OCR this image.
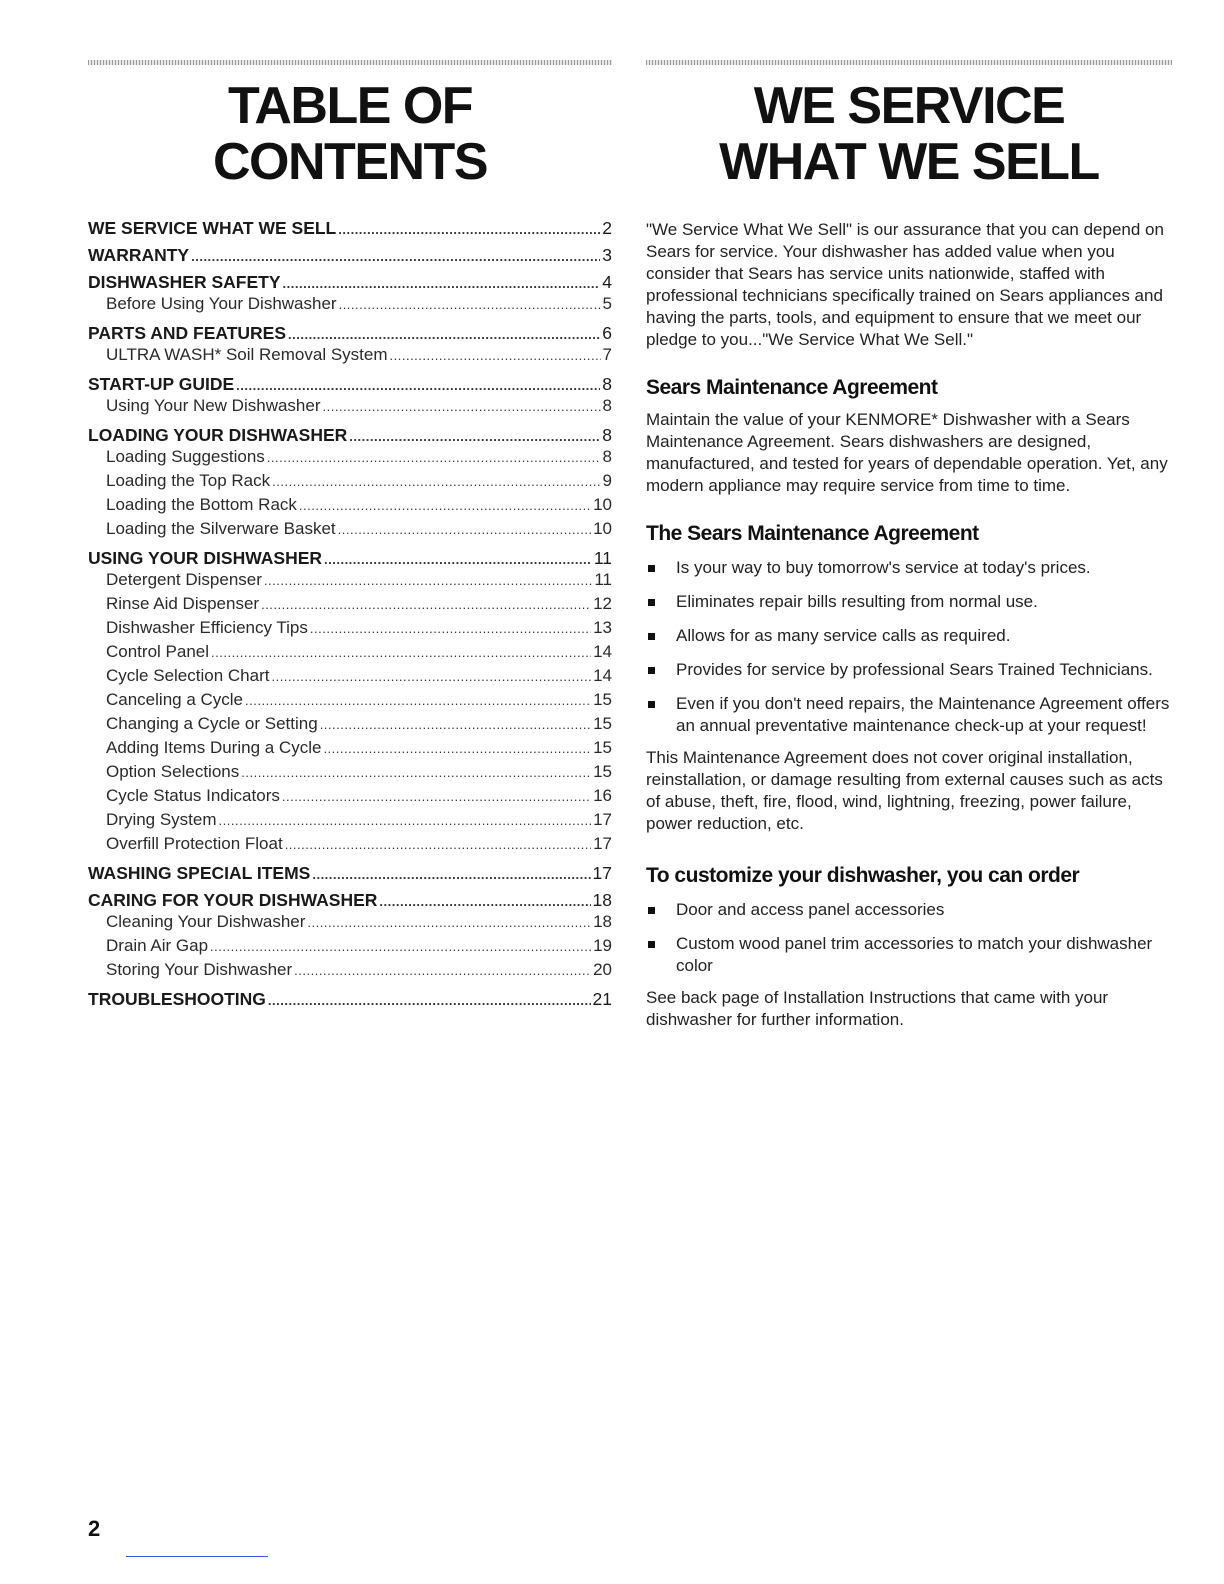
TABLE OF
CONTENTS
WE SERVICE WHAT WE SELL .....	2
WARRANTY .....	3
DISHWASHER SAFETY .....	4
Before Using Your Dishwasher .....	5
PARTS AND FEATURES .....	6
ULTRA WASH* Soil Removal System .....	7
START-UP GUIDE .....	8
Using Your New Dishwasher .....	8
LOADING YOUR DISHWASHER .....	8
Loading Suggestions .....	8
Loading the Top Rack .....	9
Loading the Bottom Rack .....	10
Loading the Silverware Basket .....	10
USING YOUR DISHWASHER .....	11
Detergent Dispenser .....	11
Rinse Aid Dispenser .....	12
Dishwasher Efficiency Tips .....	13
Control Panel .....	14
Cycle Selection Chart .....	14
Canceling a Cycle .....	15
Changing a Cycle or Setting .....	15
Adding Items During a Cycle .....	15
Option Selections .....	15
Cycle Status Indicators .....	16
Drying System .....	17
Overfill Protection Float .....	17
WASHING SPECIAL ITEMS .....	17
CARING FOR YOUR DISHWASHER .....	18
Cleaning Your Dishwasher .....	18
Drain Air Gap .....	19
Storing Your Dishwasher .....	20
TROUBLESHOOTING .....	21
WE SERVICE
WHAT WE SELL

"We Service What We Sell" is our assurance that you can depend on Sears for service. Your dishwasher has added value when you consider that Sears has service units nationwide, staffed with professional technicians specifically trained on Sears appliances and having the parts, tools, and equipment to ensure that we meet our pledge to you..."We Service What We Sell."

Sears Maintenance Agreement

Maintain the value of your KENMORE* Dishwasher with a Sears Maintenance Agreement. Sears dishwashers are designed, manufactured, and tested for years of dependable operation. Yet, any modern appliance may require service from time to time.

The Sears Maintenance Agreement
Is your way to buy tomorrow's service at today's prices.
Eliminates repair bills resulting from normal use.
Allows for as many service calls as required.
Provides for service by professional Sears Trained Technicians.
Even if you don't need repairs, the Maintenance Agreement offers an annual preventative maintenance check-up at your request!

This Maintenance Agreement does not cover original installation, reinstallation, or damage resulting from external causes such as acts of abuse, theft, fire, flood, wind, lightning, freezing, power failure, power reduction, etc.

To customize your dishwasher, you can order
Door and access panel accessories
Custom wood panel trim accessories to match your dishwasher color

See back page of Installation Instructions that came with your dishwasher for further information.

2
